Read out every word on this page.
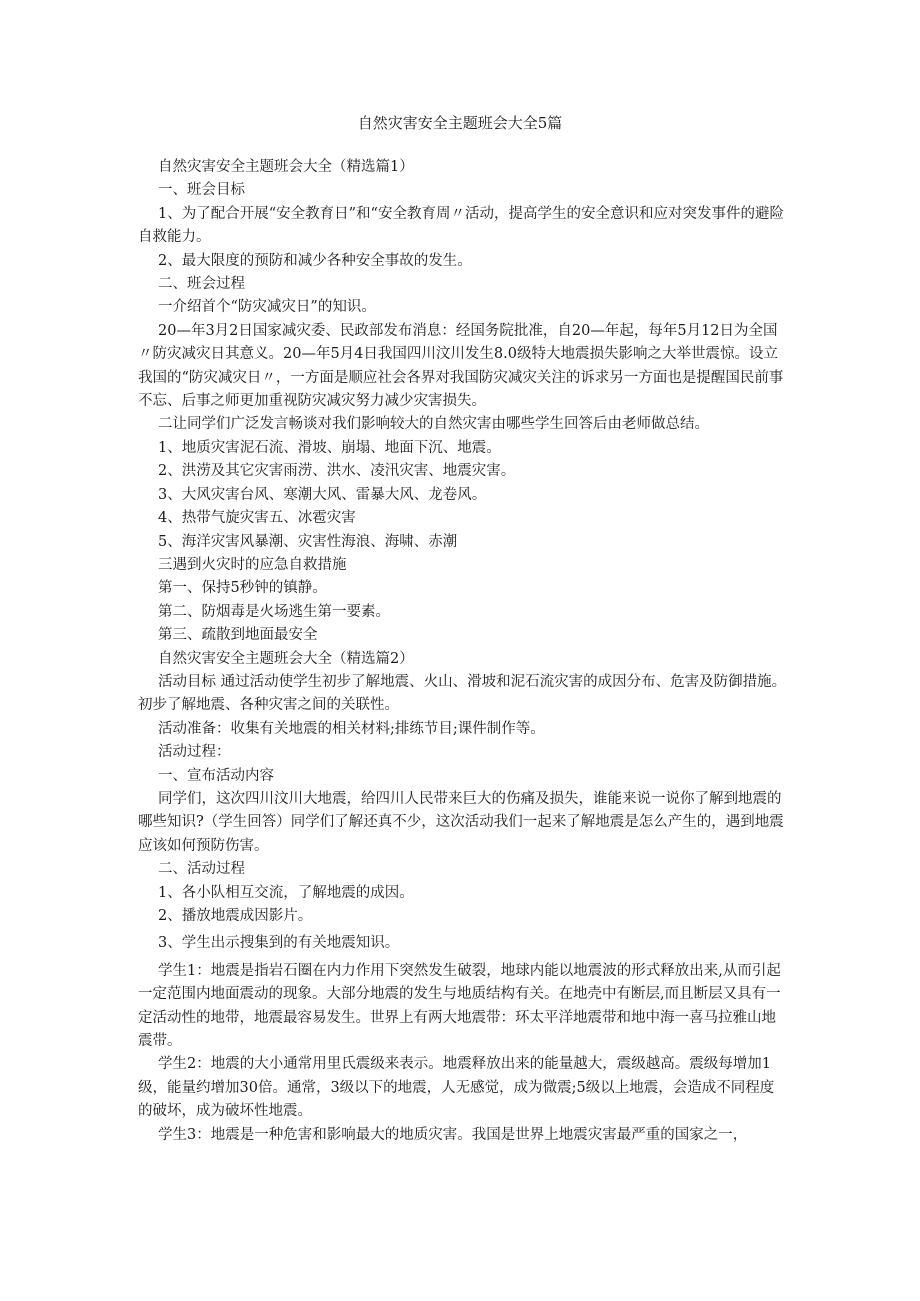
自然灾害安全主题班会大全5篇

自然灾害安全主题班会大全（精选篇1）

一、班会目标

1、为了配合开展“安全教育日”和“安全教育周〃活动，提高学生的安全意识和应对突发事件的避险自救能力。

2、最大限度的预防和减少各种安全事故的发生。

二、班会过程

一介绍首个“防灾减灾日”的知识。

20—年3月2日国家减灾委、民政部发布消息：经国务院批准，自20—年起，每年5月12日为全国〃防灾减灾日其意义。20—年5月4日我国四川汶川发生8.0级特大地震损失影响之大举世震惊。设立我国的“防灾减灾日〃，一方面是顺应社会各界对我国防灾减灾关注的诉求另一方面也是提醒国民前事不忘、后事之师更加重视防灾减灾努力减少灾害损失。

二让同学们广泛发言畅谈对我们影响较大的自然灾害由哪些学生回答后由老师做总结。

1、地质灾害泥石流、滑坡、崩塌、地面下沉、地震。

2、洪涝及其它灾害雨涝、洪水、凌汛灾害、地震灾害。

3、大风灾害台风、寒潮大风、雷暴大风、龙卷风。

4、热带气旋灾害五、冰雹灾害

5、海洋灾害风暴潮、灾害性海浪、海啸、赤潮

三遇到火灾时的应急自救措施

第一、保持5秒钟的镇静。

第二、防烟毒是火场逃生第一要素。

第三、疏散到地面最安全

自然灾害安全主题班会大全（精选篇2）

活动目标 通过活动使学生初步了解地震、火山、滑坡和泥石流灾害的成因分布、危害及防御措施。初步了解地震、各种灾害之间的关联性。

活动准备：收集有关地震的相关材料;排练节目;课件制作等。

活动过程：

一、宣布活动内容

同学们，这次四川汶川大地震，给四川人民带来巨大的伤痛及损失，谁能来说一说你了解到地震的哪些知识?（学生回答）同学们了解还真不少，这次活动我们一起来了解地震是怎么产生的，遇到地震应该如何预防伤害。

二、活动过程

1、各小队相互交流，了解地震的成因。

2、播放地震成因影片。

3、学生出示搜集到的有关地震知识。

学生1：地震是指岩石圈在内力作用下突然发生破裂，地球内能以地震波的形式释放出来,从而引起一定范围内地面震动的现象。大部分地震的发生与地质结构有关。在地壳中有断层,而且断层又具有一定活动性的地带，地震最容易发生。世界上有两大地震带：环太平洋地震带和地中海一喜马拉雅山地震带。

学生2：地震的大小通常用里氏震级来表示。地震释放出来的能量越大，震级越高。震级每增加1级，能量约增加30倍。通常，3级以下的地震，人无感觉，成为微震;5级以上地震，会造成不同程度的破坏，成为破坏性地震。

学生3：地震是一种危害和影响最大的地质灾害。我国是世界上地震灾害最严重的国家之一，
